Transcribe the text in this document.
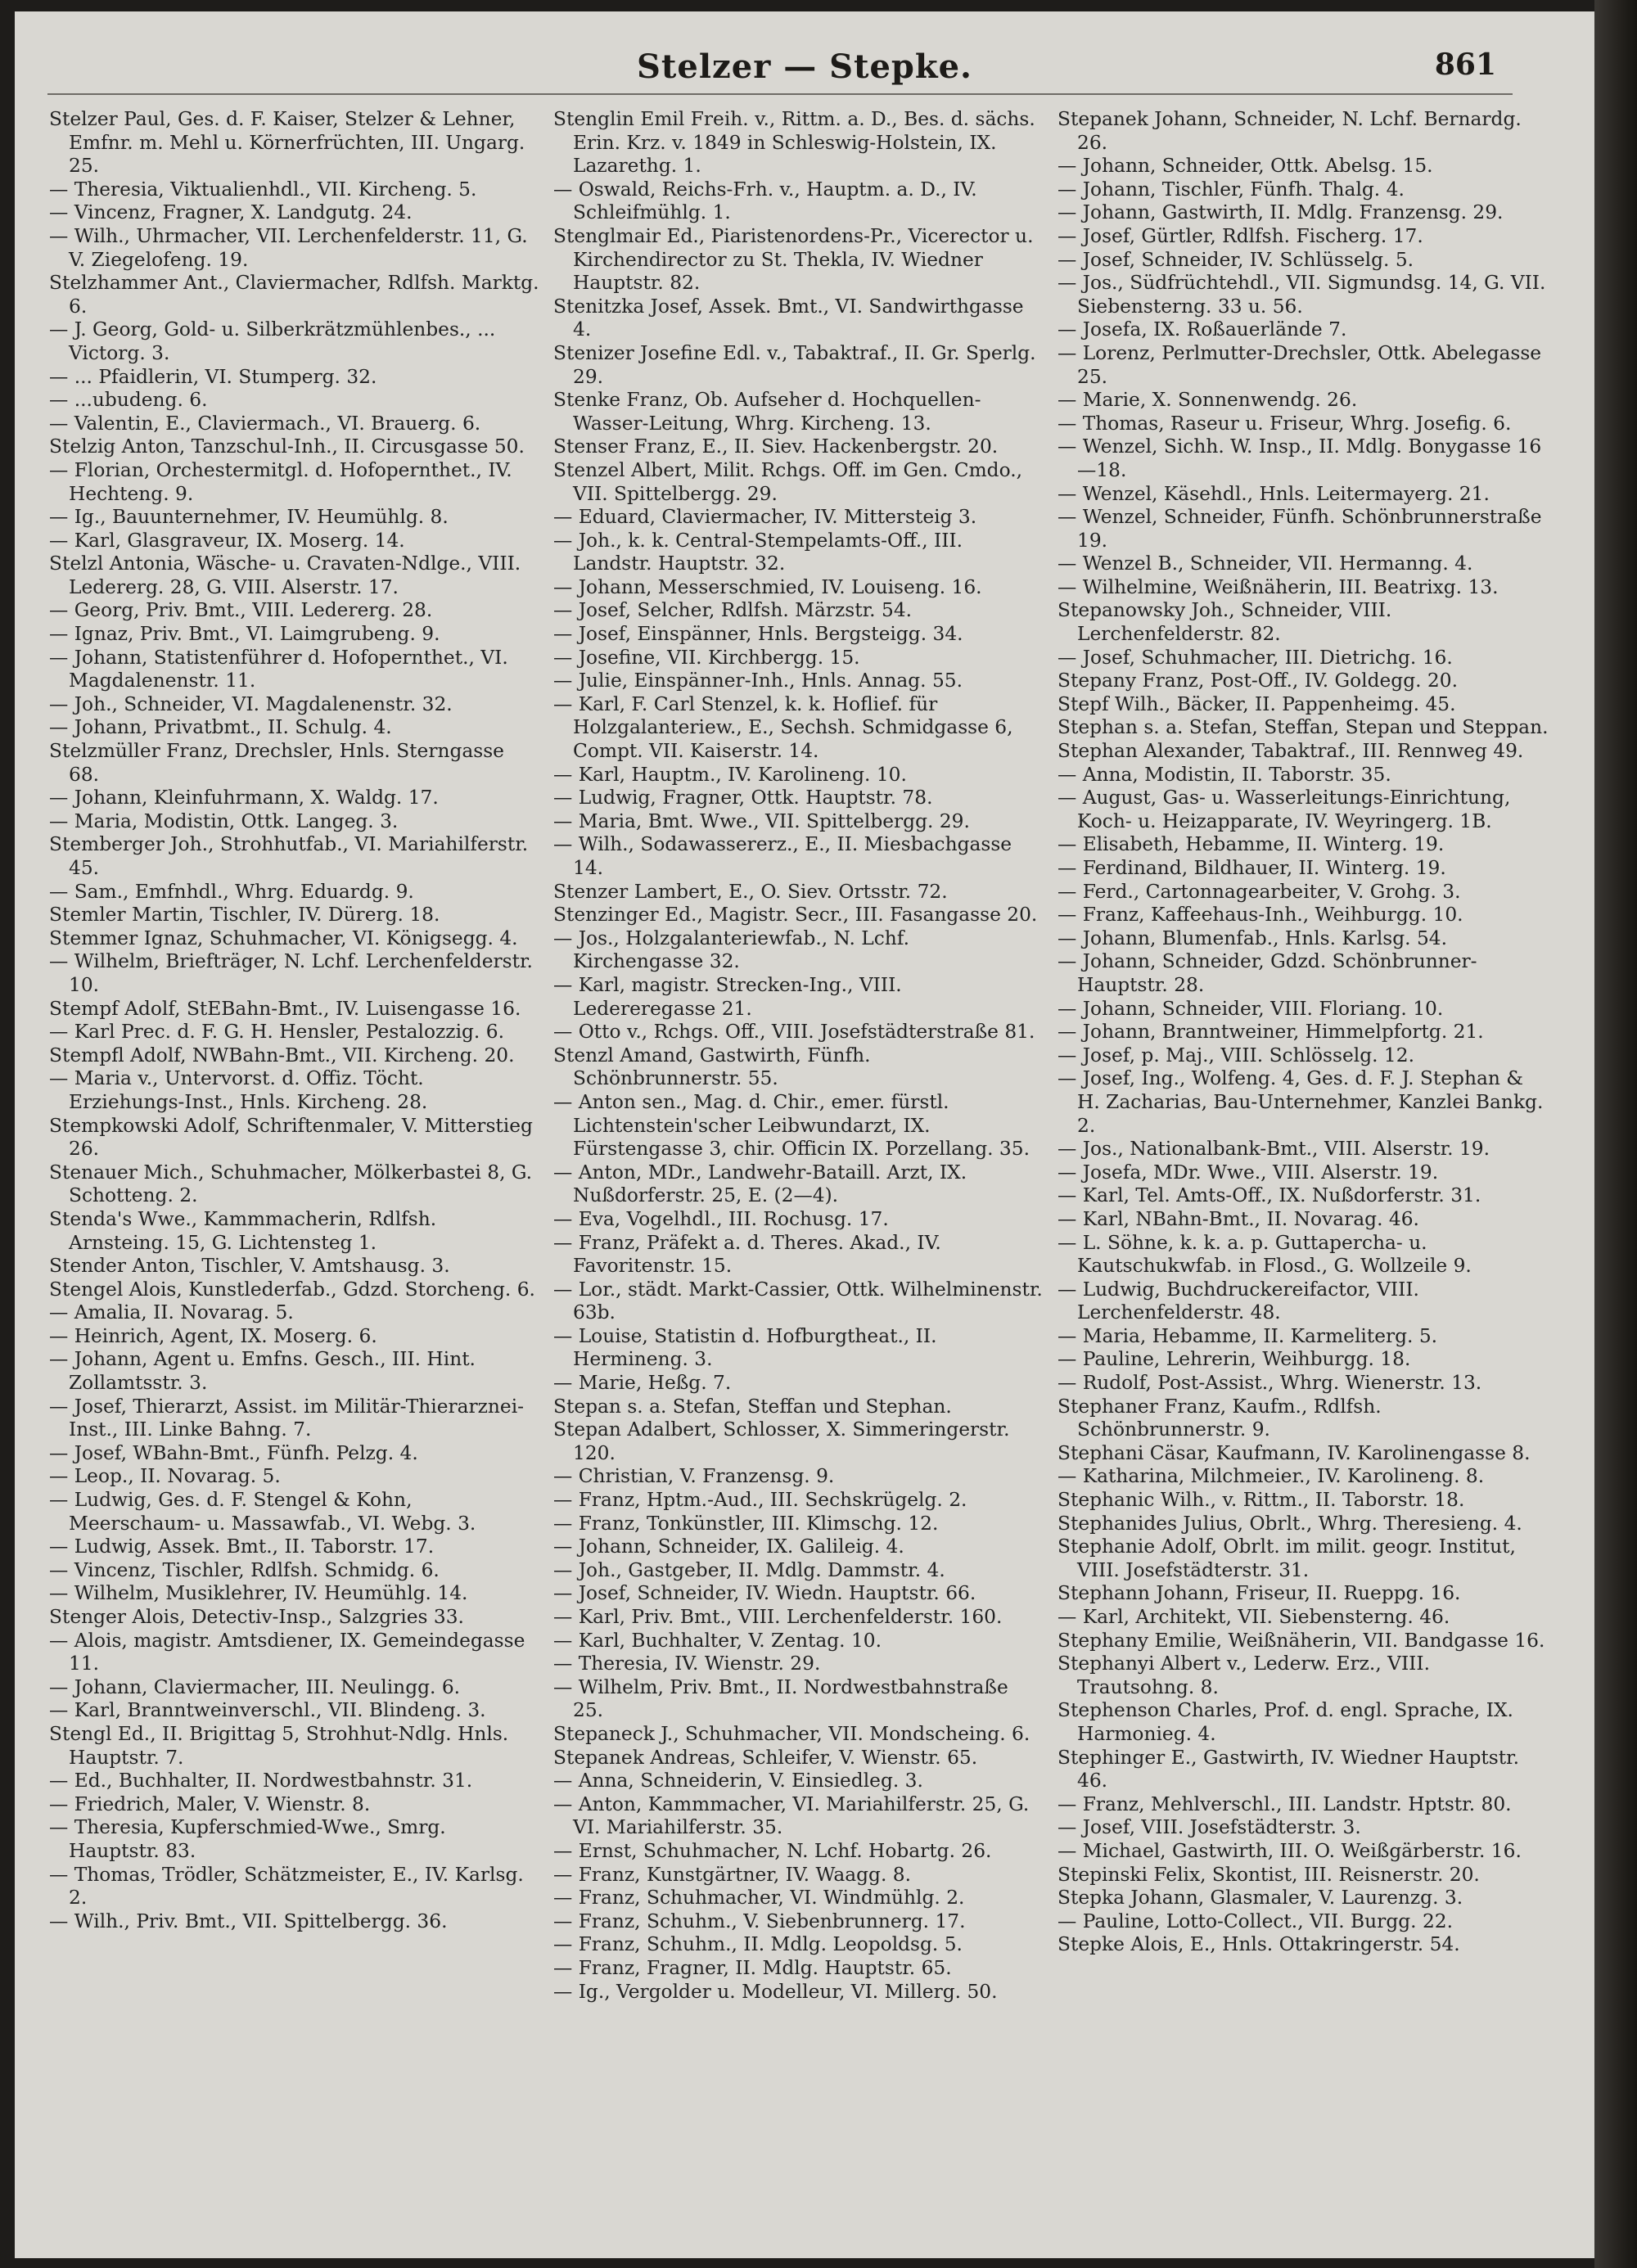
Stelzer — Stepke.	861

Stelzer Paul, Ges. d. F. Kaiser, Stelzer & Lehner, Emfnr. m. Mehl u. Körnerfrüchten, III. Ungarg. 25.

— Theresia, Viktualienhdl., VII. Kircheng. 5.

— Vincenz, Fragner, X. Landgutg. 24.

— Wilh., Uhrmacher, VII. Lerchenfelderstr. 11, G. V. Ziegelofeng. 19.

Stelzhammer Ant., Claviermacher, Rdlfsh. Marktg. 6.

— J. Georg, Gold- u. Silberkrätzmühlenbes., ... Victorg. 3.

— ... Pfaidlerin, VI. Stumperg. 32.

— ...ubudeng. 6.

— Valentin, E., Claviermach., VI. Brauerg. 6.

Stelzig Anton, Tanzschul-Inh., II. Circusgasse 50.

— Florian, Orchestermitgl. d. Hofopernthet., IV. Hechteng. 9.

— Ig., Bauunternehmer, IV. Heumühlg. 8.

— Karl, Glasgraveur, IX. Moserg. 14.

Stelzl Antonia, Wäsche- u. Cravaten-Ndlge., VIII. Ledererg. 28, G. VIII. Alserstr. 17.

— Georg, Priv. Bmt., VIII. Ledererg. 28.

— Ignaz, Priv. Bmt., VI. Laimgrubeng. 9.

— Johann, Statistenführer d. Hofopernthet., VI. Magdalenenstr. 11.

— Joh., Schneider, VI. Magdalenenstr. 32.

— Johann, Privatbmt., II. Schulg. 4.

Stelzmüller Franz, Drechsler, Hnls. Sterngasse 68.

— Johann, Kleinfuhrmann, X. Waldg. 17.

— Maria, Modistin, Ottk. Langeg. 3.

Stemberger Joh., Strohhutfab., VI. Mariahilferstr. 45.

— Sam., Emfnhdl., Whrg. Eduardg. 9.

Stemler Martin, Tischler, IV. Dürerg. 18.

Stemmer Ignaz, Schuhmacher, VI. Königsegg. 4.

— Wilhelm, Briefträger, N. Lchf. Lerchenfelderstr. 10.

Stempf Adolf, StEBahn-Bmt., IV. Luisengasse 16.

— Karl Prec. d. F. G. H. Hensler, Pestalozzig. 6.

Stempfl Adolf, NWBahn-Bmt., VII. Kircheng. 20.

— Maria v., Untervorst. d. Offiz. Töcht. Erziehungs-Inst., Hnls. Kircheng. 28.

Stempkowski Adolf, Schriftenmaler, V. Mitterstieg 26.

Stenauer Mich., Schuhmacher, Mölkerbastei 8, G. Schotteng. 2.

Stenda's Wwe., Kammmacherin, Rdlfsh. Arnsteing. 15, G. Lichtensteg 1.

Stender Anton, Tischler, V. Amtshausg. 3.

Stengel Alois, Kunstlederfab., Gdzd. Storcheng. 6.

— Amalia, II. Novarag. 5.

— Heinrich, Agent, IX. Moserg. 6.

— Johann, Agent u. Emfns. Gesch., III. Hint. Zollamtsstr. 3.

— Josef, Thierarzt, Assist. im Militär-Thierarznei-Inst., III. Linke Bahng. 7.

— Josef, WBahn-Bmt., Fünfh. Pelzg. 4.

— Leop., II. Novarag. 5.

— Ludwig, Ges. d. F. Stengel & Kohn, Meerschaum- u. Massawfab., VI. Webg. 3.

— Ludwig, Assek. Bmt., II. Taborstr. 17.

— Vincenz, Tischler, Rdlfsh. Schmidg. 6.

— Wilhelm, Musiklehrer, IV. Heumühlg. 14.

Stenger Alois, Detectiv-Insp., Salzgries 33.

— Alois, magistr. Amtsdiener, IX. Gemeindegasse 11.

— Johann, Claviermacher, III. Neulingg. 6.

— Karl, Branntweinverschl., VII. Blindeng. 3.

Stengl Ed., II. Brigittag 5, Strohhut-Ndlg. Hnls. Hauptstr. 7.

— Ed., Buchhalter, II. Nordwestbahnstr. 31.

— Friedrich, Maler, V. Wienstr. 8.

— Theresia, Kupferschmied-Wwe., Smrg. Hauptstr. 83.

— Thomas, Trödler, Schätzmeister, E., IV. Karlsg. 2.

— Wilh., Priv. Bmt., VII. Spittelbergg. 36.

Stenglin Emil Freih. v., Rittm. a. D., Bes. d. sächs. Erin. Krz. v. 1849 in Schleswig-Holstein, IX. Lazarethg. 1.

— Oswald, Reichs-Frh. v., Hauptm. a. D., IV. Schleifmühlg. 1.

Stenglmair Ed., Piaristenordens-Pr., Vicerector u. Kirchendirector zu St. Thekla, IV. Wiedner Hauptstr. 82.

Stenitzka Josef, Assek. Bmt., VI. Sandwirthgasse 4.

Stenizer Josefine Edl. v., Tabaktraf., II. Gr. Sperlg. 29.

Stenke Franz, Ob. Aufseher d. Hochquellen-Wasser-Leitung, Whrg. Kircheng. 13.

Stenser Franz, E., II. Siev. Hackenbergstr. 20.

Stenzel Albert, Milit. Rchgs. Off. im Gen. Cmdo., VII. Spittelbergg. 29.

— Eduard, Claviermacher, IV. Mittersteig 3.

— Joh., k. k. Central-Stempelamts-Off., III. Landstr. Hauptstr. 32.

— Johann, Messerschmied, IV. Louiseng. 16.

— Josef, Selcher, Rdlfsh. Märzstr. 54.

— Josef, Einspänner, Hnls. Bergsteigg. 34.

— Josefine, VII. Kirchbergg. 15.

— Julie, Einspänner-Inh., Hnls. Annag. 55.

— Karl, F. Carl Stenzel, k. k. Hoflief. für Holzgalanteriew., E., Sechsh. Schmidgasse 6, Compt. VII. Kaiserstr. 14.

— Karl, Hauptm., IV. Karolineng. 10.

— Ludwig, Fragner, Ottk. Hauptstr. 78.

— Maria, Bmt. Wwe., VII. Spittelbergg. 29.

— Wilh., Sodawassererz., E., II. Miesbachgasse 14.

Stenzer Lambert, E., O. Siev. Ortsstr. 72.

Stenzinger Ed., Magistr. Secr., III. Fasangasse 20.

— Jos., Holzgalanteriewfab., N. Lchf. Kirchengasse 32.

— Karl, magistr. Strecken-Ing., VIII. Ledereregasse 21.

— Otto v., Rchgs. Off., VIII. Josefstädterstraße 81.

Stenzl Amand, Gastwirth, Fünfh. Schönbrunnerstr. 55.

— Anton sen., Mag. d. Chir., emer. fürstl. Lichtenstein'scher Leibwundarzt, IX. Fürstengasse 3, chir. Officin IX. Porzellang. 35.

— Anton, MDr., Landwehr-Bataill. Arzt, IX. Nußdorferstr. 25, E. (2—4).

— Eva, Vogelhdl., III. Rochusg. 17.

— Franz, Präfekt a. d. Theres. Akad., IV. Favoritenstr. 15.

— Lor., städt. Markt-Cassier, Ottk. Wilhelminenstr. 63b.

— Louise, Statistin d. Hofburgtheat., II. Hermineng. 3.

— Marie, Heßg. 7.

Stepan s. a. Stefan, Steffan und Stephan.

Stepan Adalbert, Schlosser, X. Simmeringerstr. 120.

— Christian, V. Franzensg. 9.

— Franz, Hptm.-Aud., III. Sechskrügelg. 2.

— Franz, Tonkünstler, III. Klimschg. 12.

— Johann, Schneider, IX. Galileig. 4.

— Joh., Gastgeber, II. Mdlg. Dammstr. 4.

— Josef, Schneider, IV. Wiedn. Hauptstr. 66.

— Karl, Priv. Bmt., VIII. Lerchenfelderstr. 160.

— Karl, Buchhalter, V. Zentag. 10.

— Theresia, IV. Wienstr. 29.

— Wilhelm, Priv. Bmt., II. Nordwestbahnstraße 25.

Stepaneck J., Schuhmacher, VII. Mondscheing. 6.

Stepanek Andreas, Schleifer, V. Wienstr. 65.

— Anna, Schneiderin, V. Einsiedleg. 3.

— Anton, Kammmacher, VI. Mariahilferstr. 25, G. VI. Mariahilferstr. 35.

— Ernst, Schuhmacher, N. Lchf. Hobartg. 26.

— Franz, Kunstgärtner, IV. Waagg. 8.

— Franz, Schuhmacher, VI. Windmühlg. 2.

— Franz, Schuhm., V. Siebenbrunnerg. 17.

— Franz, Schuhm., II. Mdlg. Leopoldsg. 5.

— Franz, Fragner, II. Mdlg. Hauptstr. 65.

— Ig., Vergolder u. Modelleur, VI. Millerg. 50.

Stepanek Johann, Schneider, N. Lchf. Bernardg. 26.

— Johann, Schneider, Ottk. Abelsg. 15.

— Johann, Tischler, Fünfh. Thalg. 4.

— Johann, Gastwirth, II. Mdlg. Franzensg. 29.

— Josef, Gürtler, Rdlfsh. Fischerg. 17.

— Josef, Schneider, IV. Schlüsselg. 5.

— Jos., Südfrüchtehdl., VII. Sigmundsg. 14, G. VII. Siebensterng. 33 u. 56.

— Josefa, IX. Roßauerlände 7.

— Lorenz, Perlmutter-Drechsler, Ottk. Abelegasse 25.

— Marie, X. Sonnenwendg. 26.

— Thomas, Raseur u. Friseur, Whrg. Josefig. 6.

— Wenzel, Sichh. W. Insp., II. Mdlg. Bonygasse 16—18.

— Wenzel, Käsehdl., Hnls. Leitermayerg. 21.

— Wenzel, Schneider, Fünfh. Schönbrunnerstraße 19.

— Wenzel B., Schneider, VII. Hermanng. 4.

— Wilhelmine, Weißnäherin, III. Beatrixg. 13.

Stepanowsky Joh., Schneider, VIII. Lerchenfelderstr. 82.

— Josef, Schuhmacher, III. Dietrichg. 16.

Stepany Franz, Post-Off., IV. Goldegg. 20.

Stepf Wilh., Bäcker, II. Pappenheimg. 45.

Stephan s. a. Stefan, Steffan, Stepan und Steppan.

Stephan Alexander, Tabaktraf., III. Rennweg 49.

— Anna, Modistin, II. Taborstr. 35.

— August, Gas- u. Wasserleitungs-Einrichtung, Koch- u. Heizapparate, IV. Weyringerg. 1B.

— Elisabeth, Hebamme, II. Winterg. 19.

— Ferdinand, Bildhauer, II. Winterg. 19.

— Ferd., Cartonnagearbeiter, V. Grohg. 3.

— Franz, Kaffeehaus-Inh., Weihburgg. 10.

— Johann, Blumenfab., Hnls. Karlsg. 54.

— Johann, Schneider, Gdzd. Schönbrunner-Hauptstr. 28.

— Johann, Schneider, VIII. Floriang. 10.

— Johann, Branntweiner, Himmelpfortg. 21.

— Josef, p. Maj., VIII. Schlösselg. 12.

— Josef, Ing., Wolfeng. 4, Ges. d. F. J. Stephan & H. Zacharias, Bau-Unternehmer, Kanzlei Bankg. 2.

— Jos., Nationalbank-Bmt., VIII. Alserstr. 19.

— Josefa, MDr. Wwe., VIII. Alserstr. 19.

— Karl, Tel. Amts-Off., IX. Nußdorferstr. 31.

— Karl, NBahn-Bmt., II. Novarag. 46.

— L. Söhne, k. k. a. p. Guttapercha- u. Kautschukwfab. in Flosd., G. Wollzeile 9.

— Ludwig, Buchdruckereifactor, VIII. Lerchenfelderstr. 48.

— Maria, Hebamme, II. Karmeliterg. 5.

— Pauline, Lehrerin, Weihburgg. 18.

— Rudolf, Post-Assist., Whrg. Wienerstr. 13.

Stephaner Franz, Kaufm., Rdlfsh. Schönbrunnerstr. 9.

Stephani Cäsar, Kaufmann, IV. Karolinengasse 8.

— Katharina, Milchmeier., IV. Karolineng. 8.

Stephanic Wilh., v. Rittm., II. Taborstr. 18.

Stephanides Julius, Obrlt., Whrg. Theresieng. 4.

Stephanie Adolf, Obrlt. im milit. geogr. Institut, VIII. Josefstädterstr. 31.

Stephann Johann, Friseur, II. Rueppg. 16.

— Karl, Architekt, VII. Siebensterng. 46.

Stephany Emilie, Weißnäherin, VII. Bandgasse 16.

Stephanyi Albert v., Lederw. Erz., VIII. Trautsohng. 8.

Stephenson Charles, Prof. d. engl. Sprache, IX. Harmonieg. 4.

Stephinger E., Gastwirth, IV. Wiedner Hauptstr. 46.

— Franz, Mehlverschl., III. Landstr. Hptstr. 80.

— Josef, VIII. Josefstädterstr. 3.

— Michael, Gastwirth, III. O. Weißgärberstr. 16.

Stepinski Felix, Skontist, III. Reisnerstr. 20.

Stepka Johann, Glasmaler, V. Laurenzg. 3.

— Pauline, Lotto-Collect., VII. Burgg. 22.

Stepke Alois, E., Hnls. Ottakringerstr. 54.
